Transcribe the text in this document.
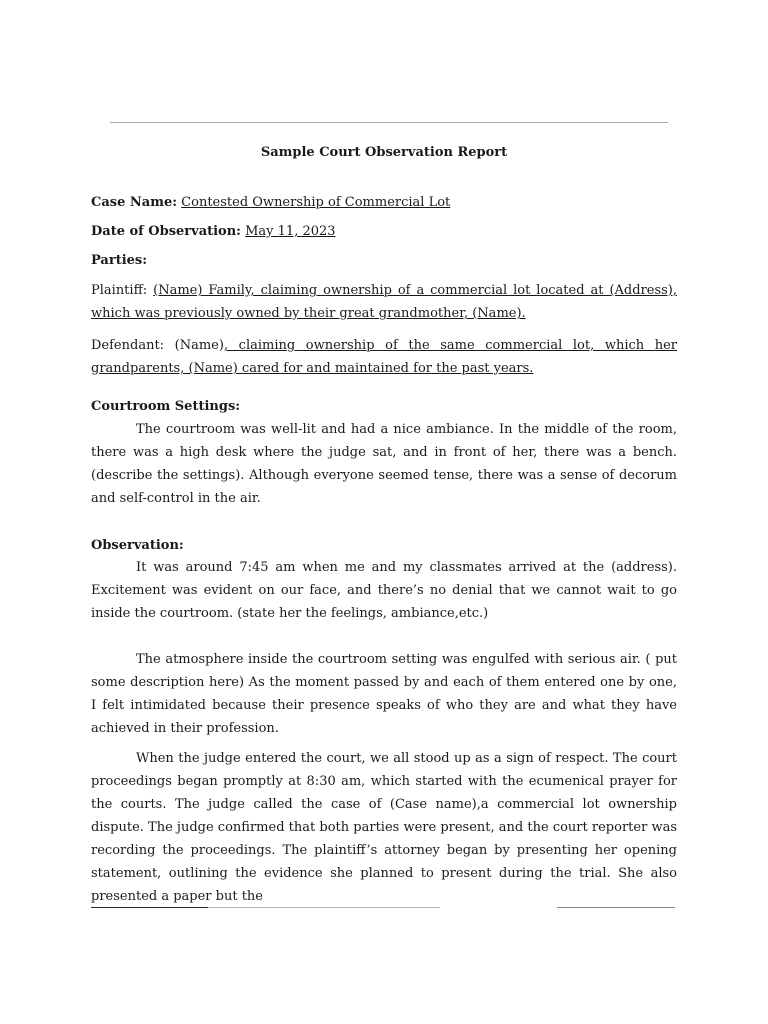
Sample Court Observation Report
Case Name: Contested Ownership of Commercial Lot
Date of Observation: May 11, 2023
Parties:
Plaintiff: (Name) Family, claiming ownership of a commercial lot located at (Address), which was previously owned by their great grandmother, (Name).
Defendant: (Name), claiming ownership of the same commercial lot, which her grandparents, (Name) cared for and maintained for the past years.
Courtroom Settings:
The courtroom was well-lit and had a nice ambiance. In the middle of the room, there was a high desk where the judge sat, and in front of her, there was a bench. (describe the settings). Although everyone seemed tense, there was a sense of decorum and self-control in the air.
Observation:
It was around 7:45 am when me and my classmates arrived at the (address). Excitement was evident on our face, and there’s no denial that we cannot wait to go inside the courtroom. (state her the feelings, ambiance,etc.)
The atmosphere inside the courtroom setting was engulfed with serious air. ( put some description here) As the moment passed by and each of them entered one by one, I felt intimidated because their presence speaks of who they are and what they have achieved in their profession.
When the judge entered the court, we all stood up as a sign of respect. The court proceedings began promptly at 8:30 am, which started with the ecumenical prayer for the courts. The judge called the case of (Case name),a commercial lot ownership dispute. The judge confirmed that both parties were present, and the court reporter was recording the proceedings. The plaintiff’s attorney began by presenting her opening statement, outlining the evidence she planned to present during the trial. She also presented a paper but the
